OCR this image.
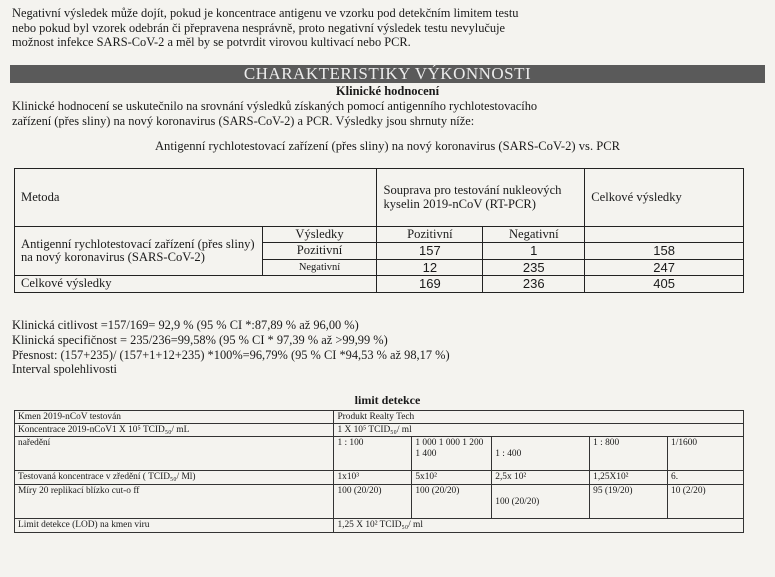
Negativní výsledek může dojít, pokud je koncentrace antigenu ve vzorku pod detekčním limitem testu
nebo pokud byl vzorek odebrán či přepravena nesprávně, proto negativní výsledek testu nevylučuje
možnost infekce SARS-CoV-2 a měl by se potvrdit virovou kultivací nebo PCR.

CHARAKTERISTIKY VÝKONNOSTI

Klinické hodnocení

Klinické hodnocení se uskutečnilo na srovnání výsledků získaných pomocí antigenního rychlotestovacího
zařízení (přes sliny) na nový koronavirus (SARS-CoV-2) a PCR. Výsledky jsou shrnuty níže:

Antigenní rychlotestovací zařízení (přes sliny) na nový koronavirus (SARS-CoV-2) vs. PCR

Metoda		Souprava pro testování nukleových kyselin 2019-nCoV (RT-PCR)		Celkové výsledky
Antigenní rychlotestovací zařízení (přes sliny) na nový koronavirus (SARS-CoV-2)	Výsledky	Pozitivní	Negativní	
	Pozitivní	157	1	158
	Negativní	12	235	247
Celkové výsledky		169	236	405

Klinická citlivost =157/169= 92,9 % (95 % CI *:87,89 % až 96,00 %)
Klinická specifičnost = 235/236=99,58% (95 % CI * 97,39 % až >99,99 %)
Přesnost: (157+235)/ (157+1+12+235) *100%=96,79% (95 % CI *94,53 % až 98,17 %)
Interval spolehlivosti

limit detekce

Kmen 2019-nCoV testován	Produkt Realty Tech				
Koncentrace 2019-nCoV1 X 10⁵ TCID₅₀/ mL	1 X 10⁵ TCID₅₀/ ml				
naředění	1 : 100	1 000 1 000 1 200 1 400	1 : 400	1 : 800	1/1600
Testovaná koncentrace v zředění ( TCID₅₀/ Ml)	1x10³	5x10²	2,5x 10²	1,25X10²	6.
Míry 20 replikací blízko cut-o ff	100 (20/20)	100 (20/20)	100 (20/20)	95 (19/20)	10 (2/20)
Limit detekce (LOD) na kmen viru	1,25 X 10² TCID₅₀/ ml				
